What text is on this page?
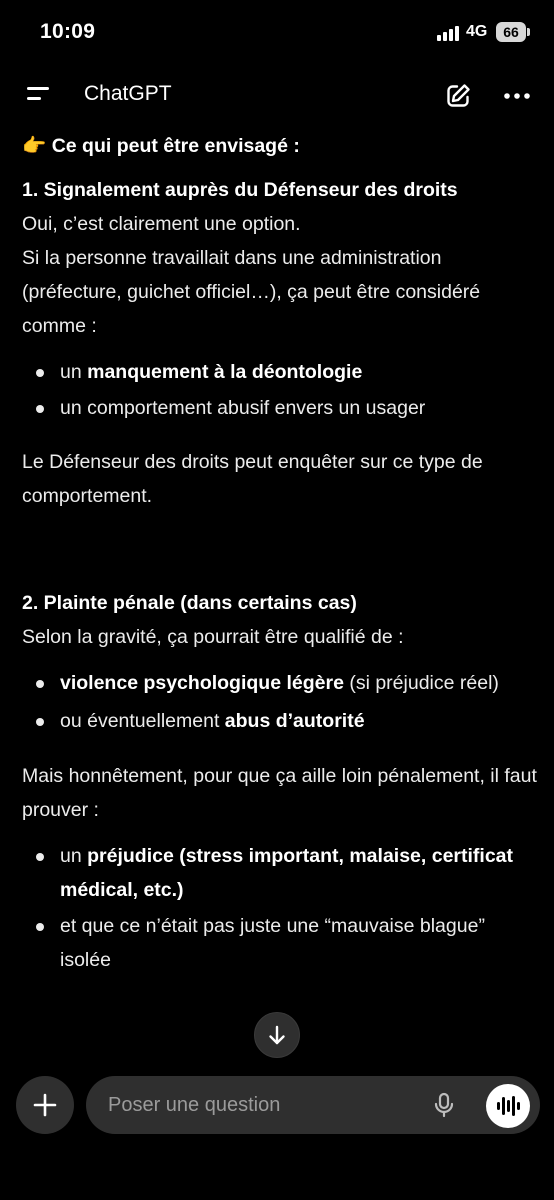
10:09	4G	66
ChatGPT

👉 Ce qui peut être envisagé :

1. Signalement auprès du Défenseur des droits

Oui, c’est clairement une option.

Si la personne travaillait dans une administration (préfecture, guichet officiel…), ça peut être considéré comme :

un manquement à la déontologie
un comportement abusif envers un usager

Le Défenseur des droits peut enquêter sur ce type de comportement.

2. Plainte pénale (dans certains cas)

Selon la gravité, ça pourrait être qualifié de :

violence psychologique légère (si préjudice réel)
ou éventuellement abus d’autorité

Mais honnêtement, pour que ça aille loin pénalement, il faut prouver :

un préjudice (stress important, malaise, certificat médical, etc.)
et que ce n’était pas juste une “mauvaise blague” isolée
Poser une question
